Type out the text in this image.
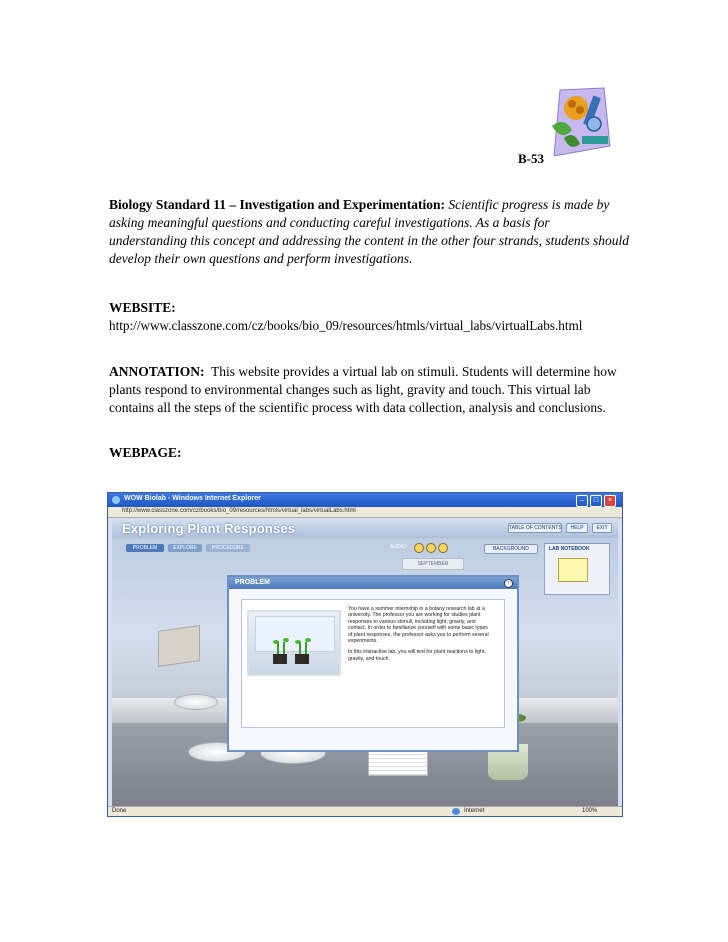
B-53
Biology Standard 11 – Investigation and Experimentation: Scientific progress is made by asking meaningful questions and conducting careful investigations. As a basis for understanding this concept and addressing the content in the other four strands, students should develop their own questions and perform investigations.
WEBSITE:
http://www.classzone.com/cz/books/bio_09/resources/htmls/virtual_labs/virtualLabs.html
ANNOTATION: This website provides a virtual lab on stimuli. Students will determine how plants respond to environmental changes such as light, gravity and touch. This virtual lab contains all the steps of the scientific process with data collection, analysis and conclusions.
WEBPAGE:
WOW Biolab - Windows Internet Explorer	–	□	×
http://www.classzone.com/cz/books/bio_09/resources/htmls/virtual_labs/virtualLabs.html
Exploring Plant Responses	TABLE OF CONTENTS	HELP	EXIT
PROBLEM	EXPLORE	PROCEDURE	AUDIO:	BACKGROUND	LAB NOTEBOOK
SEPTEMBER
PROBLEM	›

You have a summer internship in a botany research lab at a university. The professor you are working for studies plant responses to various stimuli, including light, gravity, and contact. In order to familiarize yourself with some basic types of plant responses, the professor asks you to perform several experiments.

In this interactive lab, you will test for plant reactions to light, gravity, and touch.

Done	Internet	100%
